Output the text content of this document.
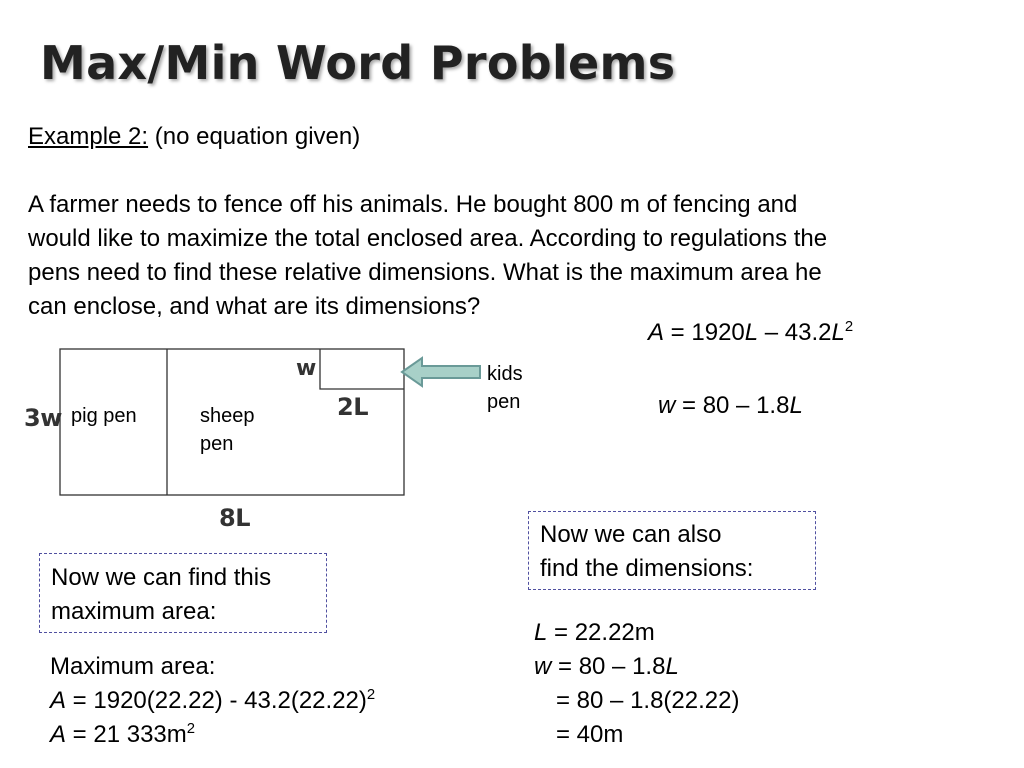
Max/Min Word Problems
Example 2: (no equation given)

A farmer needs to fence off his animals. He bought 800 m of fencing and

would like to maximize the total enclosed area. According to regulations the

pens need to find these relative dimensions. What is the maximum area he

can enclose, and what are its dimensions?

$A = 1920L - 43.2L^2$
w = 80 – 1.8L
w
2L
3w
8L
pig pen	sheep
pen
kids
pen
Now we can find this
maximum area:
Now we can also
find the dimensions:
Maximum area:
$A = 1920(22.22) - 43.2(22.22)^2$
A = 21 $333m^2$
L = 22.22m
w = 80 – 1.8L
= 80 – 1.8(22.22)
= 40m
